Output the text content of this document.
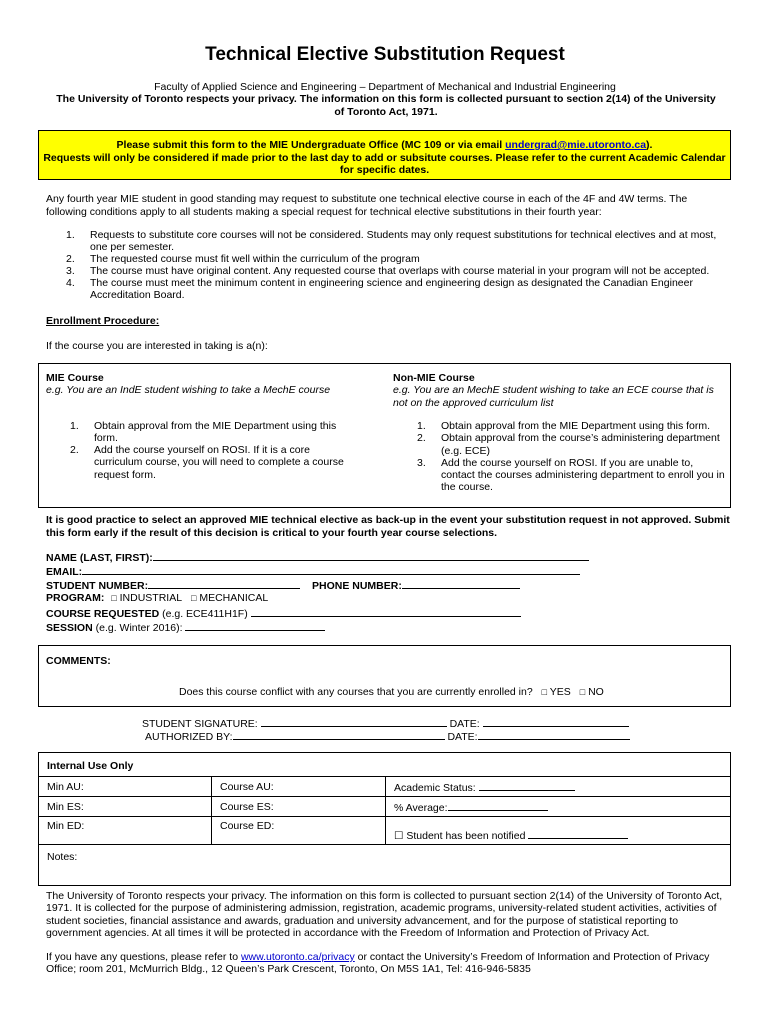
Technical Elective Substitution Request
Faculty of Applied Science and Engineering – Department of Mechanical and Industrial Engineering
The University of Toronto respects your privacy. The information on this form is collected pursuant to section 2(14) of the University of Toronto Act, 1971.
Please submit this form to the MIE Undergraduate Office (MC 109 or via email undergrad@mie.utoronto.ca).
Requests will only be considered if made prior to the last day to add or subsitute courses. Please refer to the current Academic Calendar for specific dates.
Any fourth year MIE student in good standing may request to substitute one technical elective course in each of the 4F and 4W terms. The following conditions apply to all students making a special request for technical elective substitutions in their fourth year:
1.	Requests to substitute core courses will not be considered. Students may only request substitutions for technical electives and at most, one per semester.
2.	The requested course must fit well within the curriculum of the program
3.	The course must have original content. Any requested course that overlaps with course material in your program will not be accepted.
4.	The course must meet the minimum content in engineering science and engineering design as designated the Canadian Engineer Accreditation Board.
Enrollment Procedure:
If the course you are interested in taking is a(n):
MIE Course
e.g. You are an IndE student wishing to take a MechE course
1.	Obtain approval from the MIE Department using this form.
2.	Add the course yourself on ROSI. If it is a core curriculum course, you will need to complete a course request form.
Non-MIE Course
e.g. You are an MechE student wishing to take an ECE course that is not on the approved curriculum list
1.	Obtain approval from the MIE Department using this form.
2.	Obtain approval from the course’s administering department (e.g. ECE)
3.	Add the course yourself on ROSI. If you are unable to, contact the courses administering department to enroll you in the course.
It is good practice to select an approved MIE technical elective as back-up in the event your substitution request in not approved. Submit this form early if the result of this decision is critical to your fourth year course selections.
NAME (LAST, FIRST):
EMAIL:
STUDENT NUMBER:	PHONE NUMBER:
PROGRAM: □ INDUSTRIAL □ MECHANICAL
COURSE REQUESTED (e.g. ECE411H1F)
SESSION (e.g. Winter 2016):
COMMENTS:
Does this course conflict with any courses that you are currently enrolled in? □ YES □ NO
STUDENT SIGNATURE:	DATE:
AUTHORIZED BY:	DATE:
Internal Use Only
Min AU:	Course AU:	Academic Status:
Min ES:	Course ES:	% Average:
Min ED:	Course ED:	☐ Student has been notified
Notes:		
The University of Toronto respects your privacy. The information on this form is collected to pursuant section 2(14) of the University of Toronto Act, 1971. It is collected for the purpose of administering admission, registration, academic programs, university-related student activities, activities of student societies, financial assistance and awards, graduation and university advancement, and for the purpose of statistical reporting to government agencies. At all times it will be protected in accordance with the Freedom of Information and Protection of Privacy Act.
If you have any questions, please refer to www.utoronto.ca/privacy or contact the University’s Freedom of Information and Protection of Privacy Office; room 201, McMurrich Bldg., 12 Queen’s Park Crescent, Toronto, On M5S 1A1, Tel: 416-946-5835
